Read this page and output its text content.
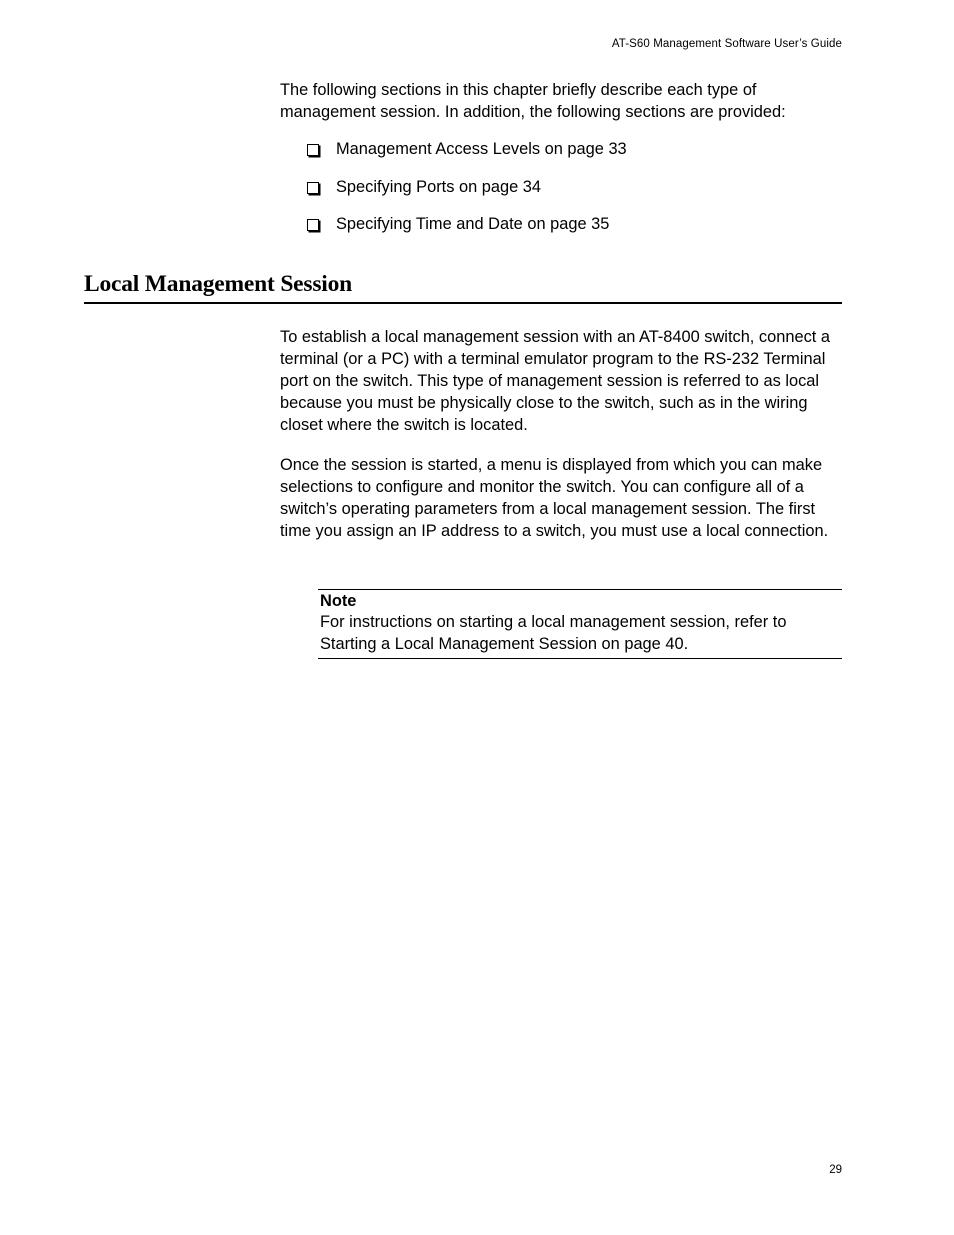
AT-S60 Management Software User’s Guide

The following sections in this chapter briefly describe each type of management session. In addition, the following sections are provided:

Management Access Levels on page 33
Specifying Ports on page 34
Specifying Time and Date on page 35
Local Management Session

To establish a local management session with an AT-8400 switch, connect a terminal (or a PC) with a terminal emulator program to the RS-232 Terminal port on the switch. This type of management session is referred to as local because you must be physically close to the switch, such as in the wiring closet where the switch is located.

Once the session is started, a menu is displayed from which you can make selections to configure and monitor the switch. You can configure all of a switch’s operating parameters from a local management session. The first time you assign an IP address to a switch, you must use a local connection.

Note

For instructions on starting a local management session, refer to Starting a Local Management Session on page 40.

29
